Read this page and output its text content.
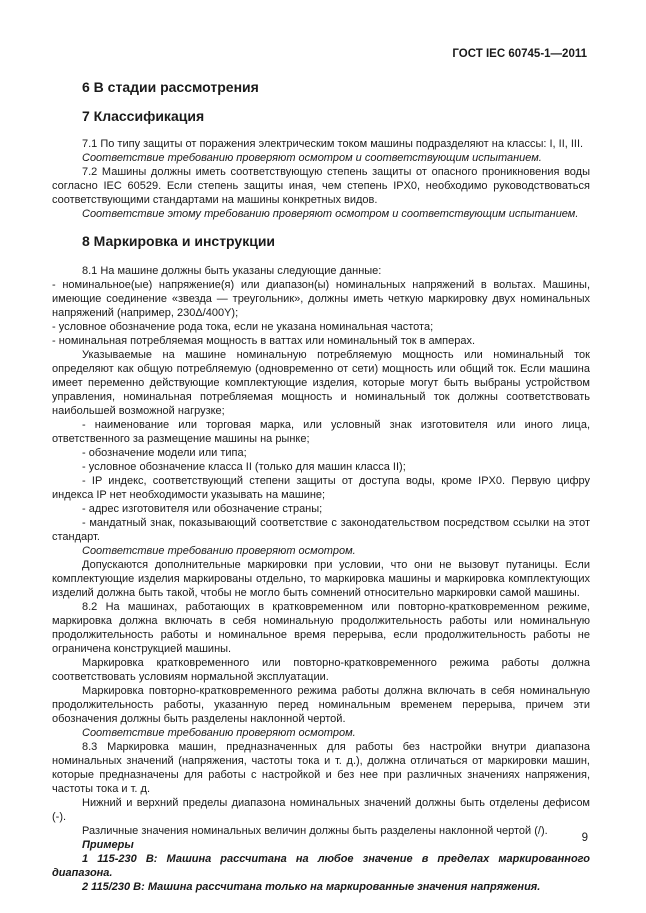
ГОСТ IEC 60745-1—2011
6 В стадии рассмотрения
7 Классификация

7.1 По типу защиты от поражения электрическим током машины подразделяют на классы: I, II, III.

Соответствие требованию проверяют осмотром и соответствующим испытанием.

7.2 Машины должны иметь соответствующую степень защиты от опасного проникновения воды согласно IEC 60529. Если степень защиты иная, чем степень IPX0, необходимо руководствоваться соответствующими стандартами на машины конкретных видов.

Соответствие этому требованию проверяют осмотром и соответствующим испытанием.

8 Маркировка и инструкции

8.1 На машине должны быть указаны следующие данные:

- номинальное(ые) напряжение(я) или диапазон(ы) номинальных напряжений в вольтах. Машины, имеющие соединение «звезда — треугольник», должны иметь четкую маркировку двух номинальных напряжений (например, 230Δ/400Y);

- условное обозначение рода тока, если не указана номинальная частота;

- номинальная потребляемая мощность в ваттах или номинальный ток в амперах.

Указываемые на машине номинальную потребляемую мощность или номинальный ток определяют как общую потребляемую (одновременно от сети) мощность или общий ток. Если машина имеет переменно действующие комплектующие изделия, которые могут быть выбраны устройством управления, номинальная потребляемая мощность и номинальный ток должны соответствовать наибольшей возможной нагрузке;

- наименование или торговая марка, или условный знак изготовителя или иного лица, ответственного за размещение машины на рынке;

- обозначение модели или типа;

- условное обозначение класса II (только для машин класса II);

- IP индекс, соответствующий степени защиты от доступа воды, кроме IPX0. Первую цифру индекса IP нет необходимости указывать на машине;

- адрес изготовителя или обозначение страны;

- мандатный знак, показывающий соответствие с законодательством посредством ссылки на этот стандарт.

Соответствие требованию проверяют осмотром.

Допускаются дополнительные маркировки при условии, что они не вызовут путаницы. Если комплектующие изделия маркированы отдельно, то маркировка машины и маркировка комплектующих изделий должна быть такой, чтобы не могло быть сомнений относительно маркировки самой машины.

8.2 На машинах, работающих в кратковременном или повторно-кратковременном режиме, маркировка должна включать в себя номинальную продолжительность работы или номинальную продолжительность работы и номинальное время перерыва, если продолжительность работы не ограничена конструкцией машины.

Маркировка кратковременного или повторно-кратковременного режима работы должна соответствовать условиям нормальной эксплуатации.

Маркировка повторно-кратковременного режима работы должна включать в себя номинальную продолжительность работы, указанную перед номинальным временем перерыва, причем эти обозначения должны быть разделены наклонной чертой.

Соответствие требованию проверяют осмотром.

8.3 Маркировка машин, предназначенных для работы без настройки внутри диапазона номинальных значений (напряжения, частоты тока и т. д.), должна отличаться от маркировки машин, которые предназначены для работы с настройкой и без нее при различных значениях напряжения, частоты тока и т. д.

Нижний и верхний пределы диапазона номинальных значений должны быть отделены дефисом (-).

Различные значения номинальных величин должны быть разделены наклонной чертой (/).

Примеры

1 115-230 В: Машина рассчитана на любое значение в пределах маркированного диапазона.

2 115/230 В: Машина рассчитана только на маркированные значения напряжения.

9
